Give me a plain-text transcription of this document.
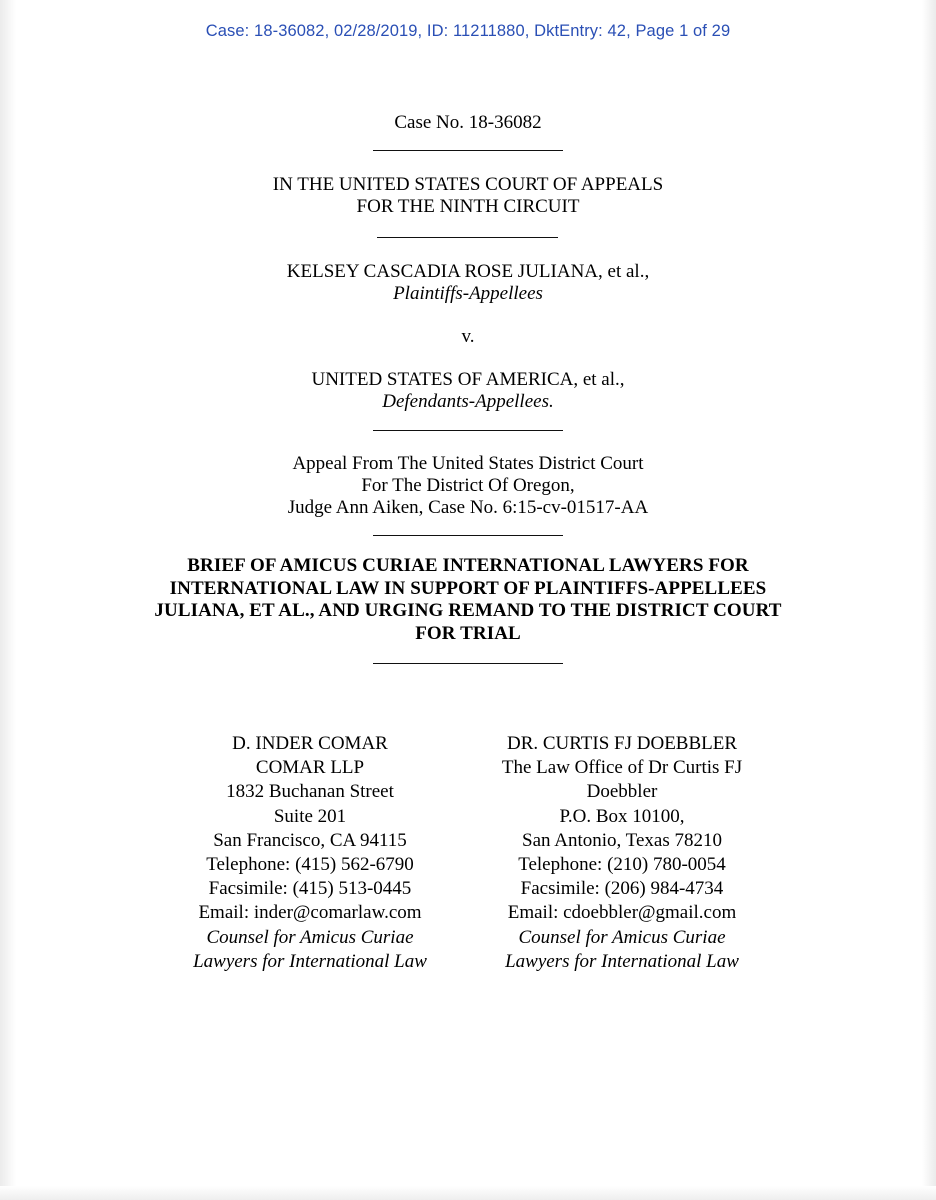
Case: 18-36082, 02/28/2019, ID: 11211880, DktEntry: 42, Page 1 of 29
Case No. 18-36082
IN THE UNITED STATES COURT OF APPEALS
FOR THE NINTH CIRCUIT
KELSEY CASCADIA ROSE JULIANA, et al.,
Plaintiffs-Appellees
v.
UNITED STATES OF AMERICA, et al.,
Defendants-Appellees.
Appeal From The United States District Court
For The District Of Oregon,
Judge Ann Aiken, Case No. 6:15-cv-01517-AA
BRIEF OF AMICUS CURIAE INTERNATIONAL LAWYERS FOR
INTERNATIONAL LAW IN SUPPORT OF PLAINTIFFS-APPELLEES
JULIANA, ET AL., AND URGING REMAND TO THE DISTRICT COURT
FOR TRIAL
D. INDER COMAR
COMAR LLP
1832 Buchanan Street
Suite 201
San Francisco, CA 94115
Telephone: (415) 562-6790
Facsimile: (415) 513-0445
Email: inder@comarlaw.com
Counsel for Amicus Curiae
Lawyers for International Law
DR. CURTIS FJ DOEBBLER
The Law Office of Dr Curtis FJ
Doebbler
P.O. Box 10100,
San Antonio, Texas 78210
Telephone: (210) 780-0054
Facsimile: (206) 984-4734
Email: cdoebbler@gmail.com
Counsel for Amicus Curiae
Lawyers for International Law
